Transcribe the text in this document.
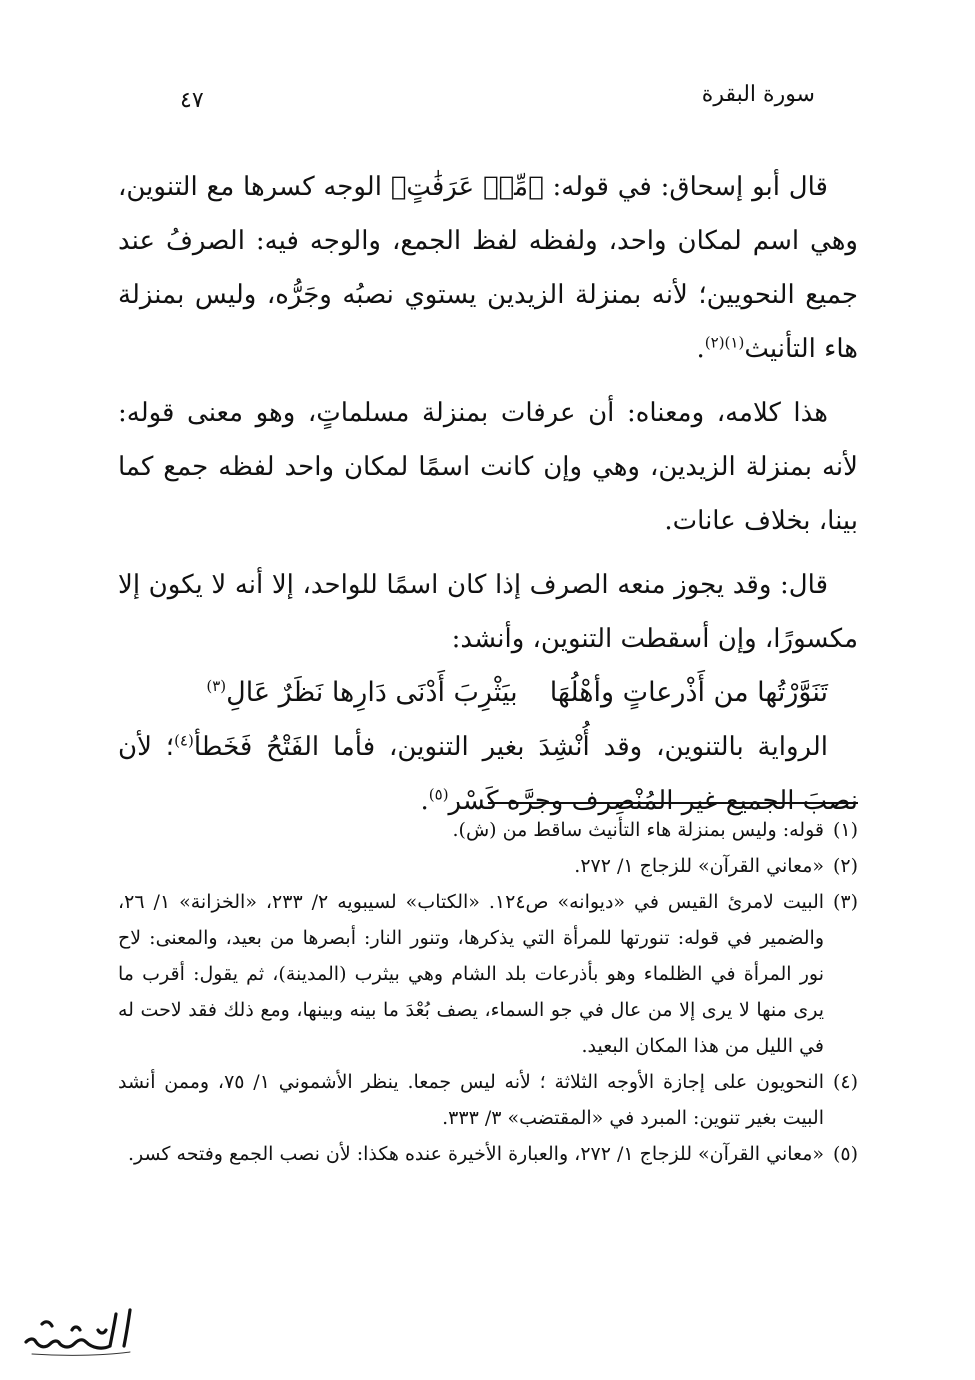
سورة البقرة
٤٧

قال أبو إسحاق: في قوله: ﴿مِّنۡ عَرَفَٰتٍ﴾ الوجه كسرها مع التنوين، وهي اسم لمكان واحد، ولفظه لفظ الجمع، والوجه فيه: الصرفُ عند جميع النحويين؛ لأنه بمنزلة الزيدين يستوي نصبُه وجَرُّه، وليس بمنزلة هاء التأنيث$^{(١)(٢)}$.

هذا كلامه، ومعناه: أن عرفات بمنزلة مسلماتٍ، وهو معنى قوله: لأنه بمنزلة الزيدين، وهي وإن كانت اسمًا لمكان واحد لفظه جمع كما بينا، بخلاف عانات.

قال: وقد يجوز منعه الصرف إذا كان اسمًا للواحد، إلا أنه لا يكون إلا مكسورًا، وإن أسقطت التنوين، وأنشد:

تَنَوَّرْتُها من أَذْرعاتٍ وأهْلُهَابيَثْرِبَ أَدْنَى دَارِها نَظَرٌ عَالِ$^{(٣)}$

الرواية بالتنوين، وقد أُنْشِدَ بغير التنوين، فأما الفَتْحُ فَخَطأ$^{(٤)}$؛ لأن نصبَ الجميع غير المُنْصِرف وجرَّه كَسْر$^{(٥)}$.

(١)
قوله: وليس بمنزلة هاء التأنيث ساقط من (ش).

(٢)
«معاني القرآن» للزجاج ١/ ٢٧٢.

(٣)
البيت لامرئ القيس في «ديوانه» ص١٢٤. «الكتاب» لسيبويه ٢/ ٢٣٣، «الخزانة» ١/ ٢٦، والضمير في قوله: تنورتها للمرأة التي يذكرها، وتنور النار: أبصرها من بعيد، والمعنى: لاح نور المرأة في الظلماء وهو بأذرعات بلد الشام وهي بيثرب (المدينة)، ثم يقول: أقرب ما يرى منها لا يرى إلا من عال في جو السماء، يصف بُعْدَ ما بينه وبينها، ومع ذلك فقد لاحت له في الليل من هذا المكان البعيد.

(٤)
النحويون على إجازة الأوجه الثلاثة ؛ لأنه ليس جمعا. ينظر الأشموني ١/ ٧٥، وممن أنشد البيت بغير تنوين: المبرد في «المقتضب» ٣/ ٣٣٣.

(٥)
«معاني القرآن» للزجاج ١/ ٢٧٢، والعبارة الأخيرة عنده هكذا: لأن نصب الجمع وفتحه كسر.
